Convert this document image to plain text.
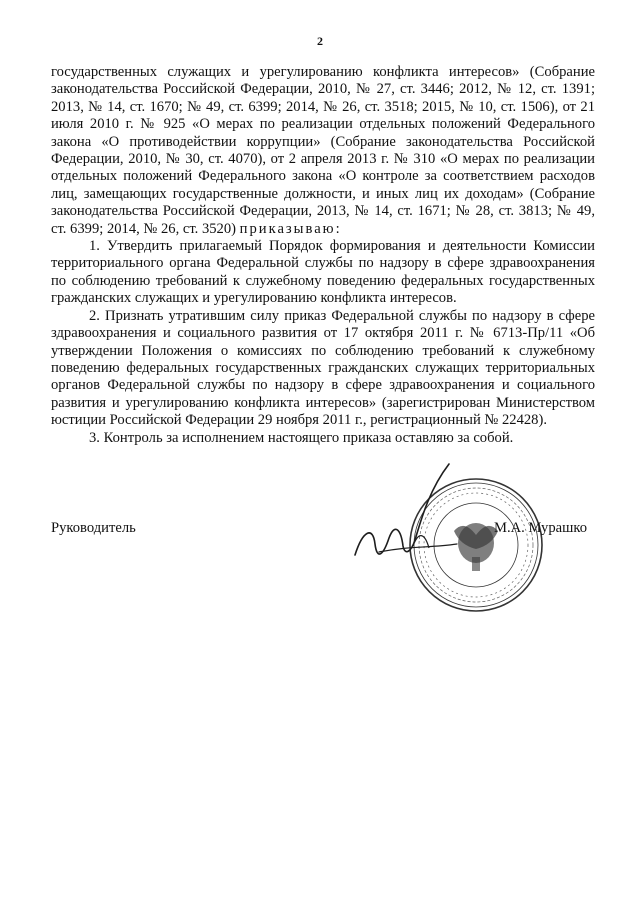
2

государственных служащих и урегулированию конфликта интересов» (Собрание законодательства Российской Федерации, 2010, № 27, ст. 3446; 2012, № 12, ст. 1391; 2013, № 14, ст. 1670; № 49, ст. 6399; 2014, № 26, ст. 3518; 2015, № 10, ст. 1506), от 21 июля 2010 г. № 925 «О мерах по реализации отдельных положений Федерального закона «О противодействии коррупции» (Собрание законодательства Российской Федерации, 2010, № 30, ст. 4070), от 2 апреля 2013 г. № 310 «О мерах по реализации отдельных положений Федерального закона «О контроле за соответствием расходов лиц, замещающих государственные должности, и иных лиц их доходам» (Собрание законодательства Российской Федерации, 2013, № 14, ст. 1671; № 28, ст. 3813; № 49, ст. 6399; 2014, № 26, ст. 3520) приказываю:

1. Утвердить прилагаемый Порядок формирования и деятельности Комиссии территориального органа Федеральной службы по надзору в сфере здравоохранения по соблюдению требований к служебному поведению федеральных государственных гражданских служащих и урегулированию конфликта интересов.

2. Признать утратившим силу приказ Федеральной службы по надзору в сфере здравоохранения и социального развития от 17 октября 2011 г. № 6713-Пр/11 «Об утверждении Положения о комиссиях по соблюдению требований к служебному поведению федеральных государственных гражданских служащих территориальных органов Федеральной службы по надзору в сфере здравоохранения и социального развития и урегулированию конфликта интересов» (зарегистрирован Министерством юстиции Российской Федерации 29 ноября 2011 г., регистрационный № 22428).

3. Контроль за исполнением настоящего приказа оставляю за собой.

Руководитель	М.А. Мурашко
